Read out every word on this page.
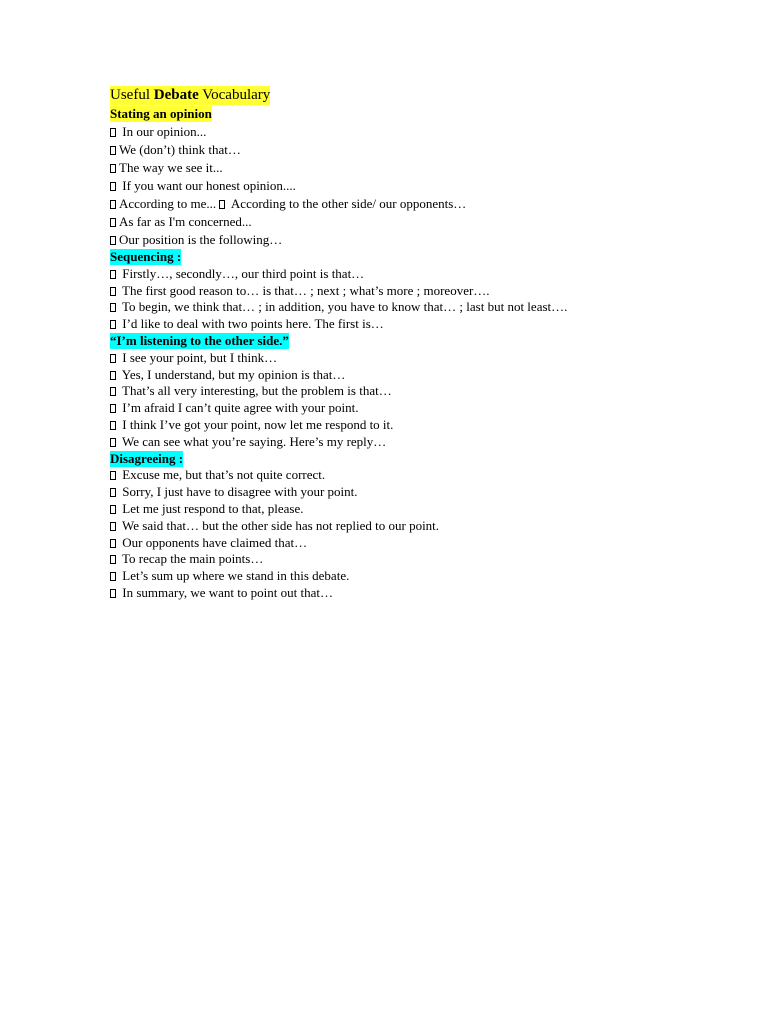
Useful Debate Vocabulary
Stating an opinion
In our opinion...
We (don’t) think that…
The way we see it...
If you want our honest opinion....
According to me...  According to the other side/ our opponents…
As far as I'm concerned...
Our position is the following…
Sequencing :
Firstly…, secondly…, our third point is that…
The first good reason to… is that… ; next ; what’s more ; moreover….
To begin, we think that… ; in addition, you have to know that… ; last but not least….
I’d like to deal with two points here. The first is…
“I’m listening to the other side.”
I see your point, but I think…
Yes, I understand, but my opinion is that…
That’s all very interesting, but the problem is that…
I’m afraid I can’t quite agree with your point.
I think I’ve got your point, now let me respond to it.
We can see what you’re saying. Here’s my reply…
Disagreeing :
Excuse me, but that’s not quite correct.
Sorry, I just have to disagree with your point.
Let me just respond to that, please.
We said that… but the other side has not replied to our point.
Our opponents have claimed that…
To recap the main points…
Let’s sum up where we stand in this debate.
In summary, we want to point out that…
